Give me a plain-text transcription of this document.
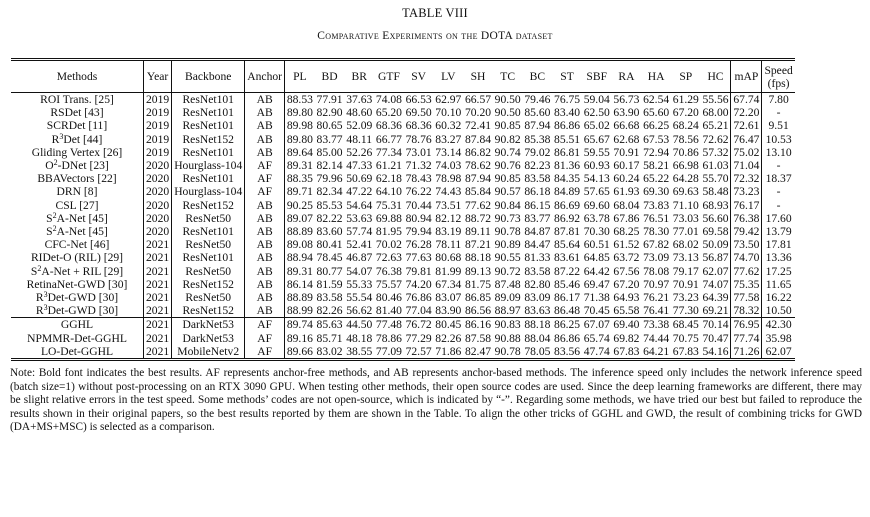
TABLE VIII
Comparative Experiments on the DOTA dataset
Methods	Year	Backbone	Anchor	PL	BD	BR	GTF	SV	LV	SH	TC	BC	ST	SBF	RA	HA	SP	HC	mAP	Speed
(fps)
ROI Trans. [25]	2019	ResNet101	AB	88.53	77.91	37.63	74.08	66.53	62.97	66.57	90.50	79.46	76.75	59.04	56.73	62.54	61.29	55.56	67.74	7.80
RSDet [43]	2019	ResNet101	AB	89.80	82.90	48.60	65.20	69.50	70.10	70.20	90.50	85.60	83.40	62.50	63.90	65.60	67.20	68.00	72.20	-
SCRDet [11]	2019	ResNet101	AB	89.98	80.65	52.09	68.36	68.36	60.32	72.41	90.85	87.94	86.86	65.02	66.68	66.25	68.24	65.21	72.61	9.51
$R^3Det$ [44]	2019	ResNet152	AB	89.80	83.77	48.11	66.77	78.76	83.27	87.84	90.82	85.38	85.51	65.67	62.68	67.53	78.56	72.62	76.47	10.53
Gliding Vertex [26]	2019	ResNet101	AB	89.64	85.00	52.26	77.34	73.01	73.14	86.82	90.74	79.02	86.81	59.55	70.91	72.94	70.86	57.32	75.02	13.10
$O^2$-DNet [23]	2020	Hourglass-104	AF	89.31	82.14	47.33	61.21	71.32	74.03	78.62	90.76	82.23	81.36	60.93	60.17	58.21	66.98	61.03	71.04	-
BBAVectors [22]	2020	ResNet101	AF	88.35	79.96	50.69	62.18	78.43	78.98	87.94	90.85	83.58	84.35	54.13	60.24	65.22	64.28	55.70	72.32	18.37
DRN [8]	2020	Hourglass-104	AF	89.71	82.34	47.22	64.10	76.22	74.43	85.84	90.57	86.18	84.89	57.65	61.93	69.30	69.63	58.48	73.23	-
CSL [27]	2020	ResNet152	AB	90.25	85.53	54.64	75.31	70.44	73.51	77.62	90.84	86.15	86.69	69.60	68.04	73.83	71.10	68.93	76.17	-
$S^2A$-Net [45]	2020	ResNet50	AB	89.07	82.22	53.63	69.88	80.94	82.12	88.72	90.73	83.77	86.92	63.78	67.86	76.51	73.03	56.60	76.38	17.60
$S^2A$-Net [45]	2020	ResNet101	AB	88.89	83.60	57.74	81.95	79.94	83.19	89.11	90.78	84.87	87.81	70.30	68.25	78.30	77.01	69.58	79.42	13.79
CFC-Net [46]	2021	ResNet50	AB	89.08	80.41	52.41	70.02	76.28	78.11	87.21	90.89	84.47	85.64	60.51	61.52	67.82	68.02	50.09	73.50	17.81
RIDet-O (RIL) [29]	2021	ResNet101	AB	88.94	78.45	46.87	72.63	77.63	80.68	88.18	90.55	81.33	83.61	64.85	63.72	73.09	73.13	56.87	74.70	13.36
$S^2A$-Net + RIL [29]	2021	ResNet50	AB	89.31	80.77	54.07	76.38	79.81	81.99	89.13	90.72	83.58	87.22	64.42	67.56	78.08	79.17	62.07	77.62	17.25
RetinaNet-GWD [30]	2021	ResNet152	AB	86.14	81.59	55.33	75.57	74.20	67.34	81.75	87.48	82.80	85.46	69.47	67.20	70.97	70.91	74.07	75.35	11.65
$R^3Det$-GWD [30]	2021	ResNet50	AB	88.89	83.58	55.54	80.46	76.86	83.07	86.85	89.09	83.09	86.17	71.38	64.93	76.21	73.23	64.39	77.58	16.22
$R^3Det$-GWD [30]	2021	ResNet152	AB	88.99	82.26	56.62	81.40	77.04	83.90	86.56	88.97	83.63	86.48	70.45	65.58	76.41	77.30	69.21	78.32	10.50
GGHL	2021	DarkNet53	AF	89.74	85.63	44.50	77.48	76.72	80.45	86.16	90.83	88.18	86.25	67.07	69.40	73.38	68.45	70.14	76.95	42.30
NPMMR-Det-GGHL	2021	DarkNet53	AF	89.16	85.71	48.18	78.86	77.29	82.26	87.58	90.88	88.04	86.86	65.74	69.82	74.44	70.75	70.47	77.74	35.98
LO-Det-GGHL	2021	MobileNetv2	AF	89.66	83.02	38.55	77.09	72.57	71.86	82.47	90.78	78.05	83.56	47.74	67.83	64.21	67.83	54.16	71.26	62.07
Note: Bold font indicates the best results. AF represents anchor-free methods, and AB represents anchor-based methods. The inference speed only includes the network inference speed (batch size=1) without post-processing on an RTX 3090 GPU. When testing other methods, their open source codes are used. Since the deep learning frameworks are different, there may be slight relative errors in the test speed. Some methods’ codes are not open-source, which is indicated by “-”. Regarding some methods, we have tried our best but failed to reproduce the results shown in their original papers, so the best results reported by them are shown in the Table. To align the other tricks of GGHL and GWD, the result of combining tricks for GWD (DA+MS+MSC) is selected as a comparison.
